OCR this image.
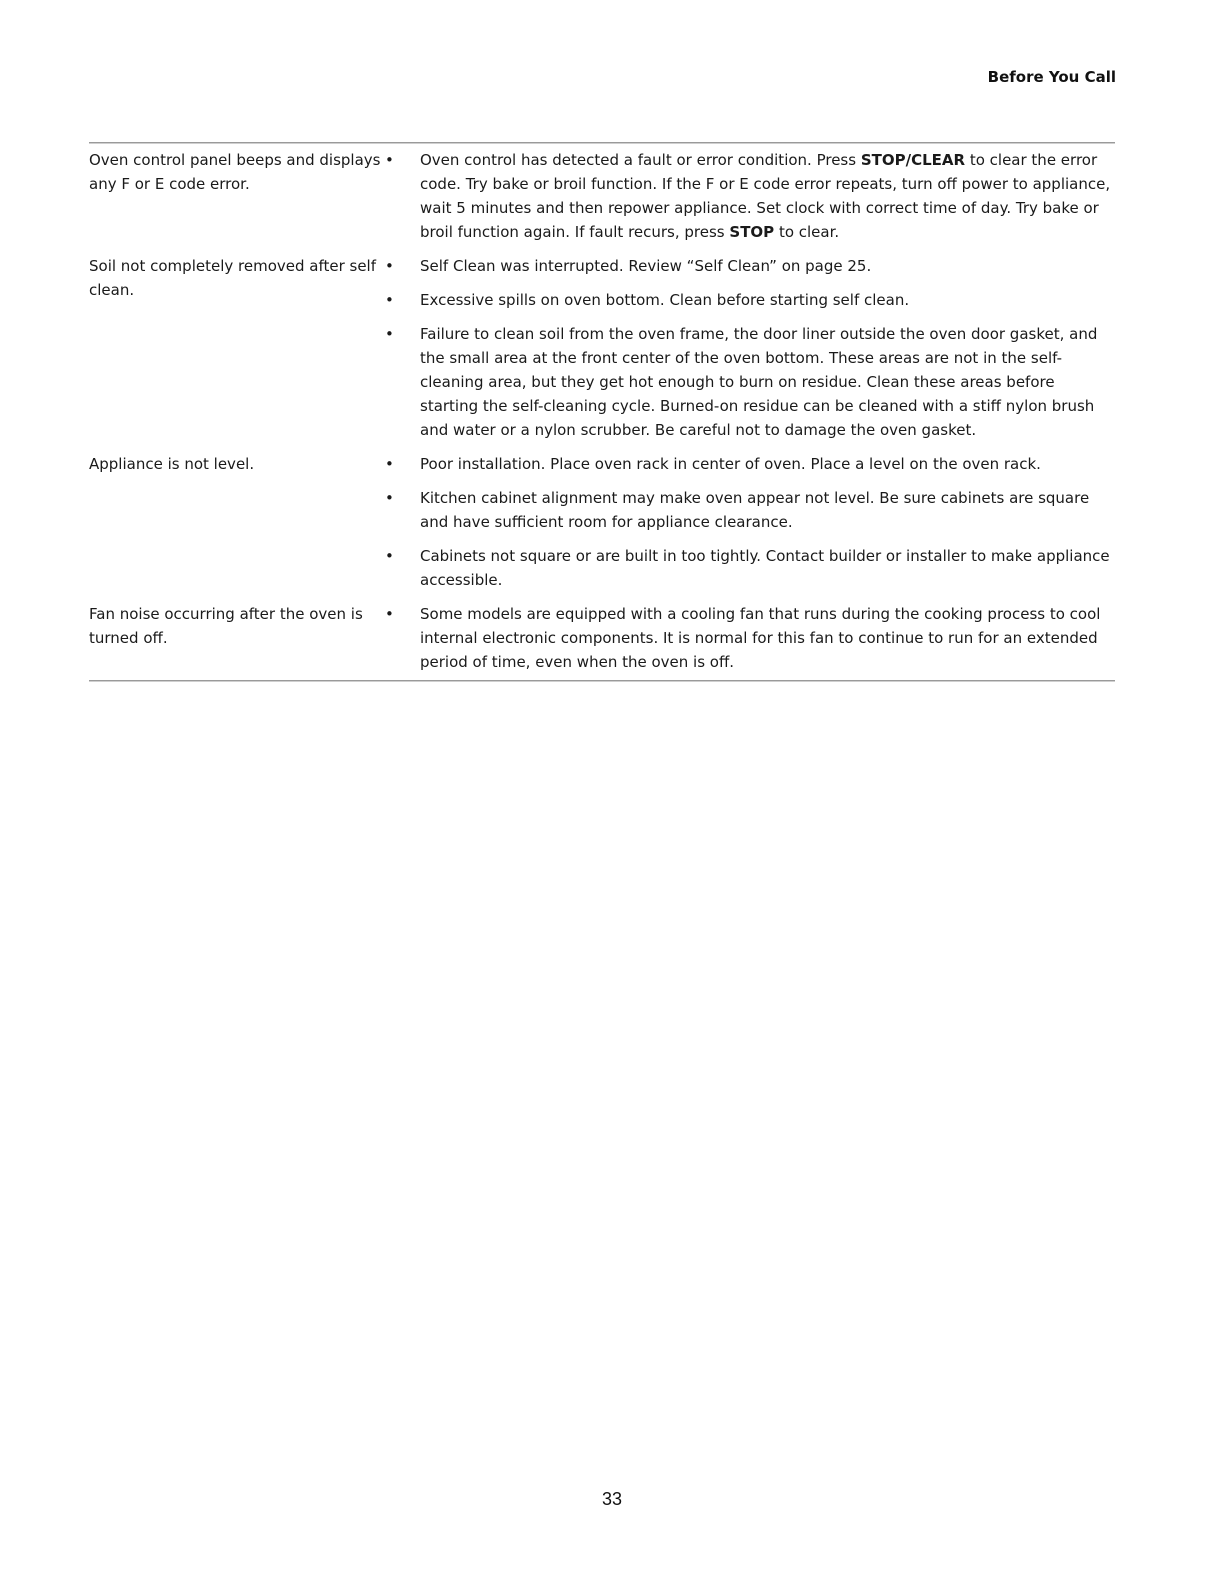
Before You Call
Oven control panel beeps and displays any F or E code error.
•	Oven control has detected a fault or error condition. Press STOP/CLEAR to clear the error code. Try bake or broil function. If the F or E code error repeats, turn off power to appliance, wait 5 minutes and then repower appliance. Set clock with correct time of day. Try bake or broil function again. If fault recurs, press STOP to clear.
Soil not completely removed after self clean.
•	Self Clean was interrupted. Review “Self Clean” on page 25.
•	Excessive spills on oven bottom. Clean before starting self clean.
•	Failure to clean soil from the oven frame, the door liner outside the oven door gasket, and the small area at the front center of the oven bottom. These areas are not in the self-cleaning area, but they get hot enough to burn on residue. Clean these areas before starting the self-cleaning cycle. Burned-on residue can be cleaned with a stiff nylon brush and water or a nylon scrubber. Be careful not to damage the oven gasket.
Appliance is not level.	•	Poor installation. Place oven rack in center of oven. Place a level on the oven rack.
•	Kitchen cabinet alignment may make oven appear not level. Be sure cabinets are square and have sufficient room for appliance clearance.
•	Cabinets not square or are built in too tightly. Contact builder or installer to make appliance accessible.
Fan noise occurring after the oven is turned off.
•	Some models are equipped with a cooling fan that runs during the cooking process to cool internal electronic components. It is normal for this fan to continue to run for an extended period of time, even when the oven is off.
33
